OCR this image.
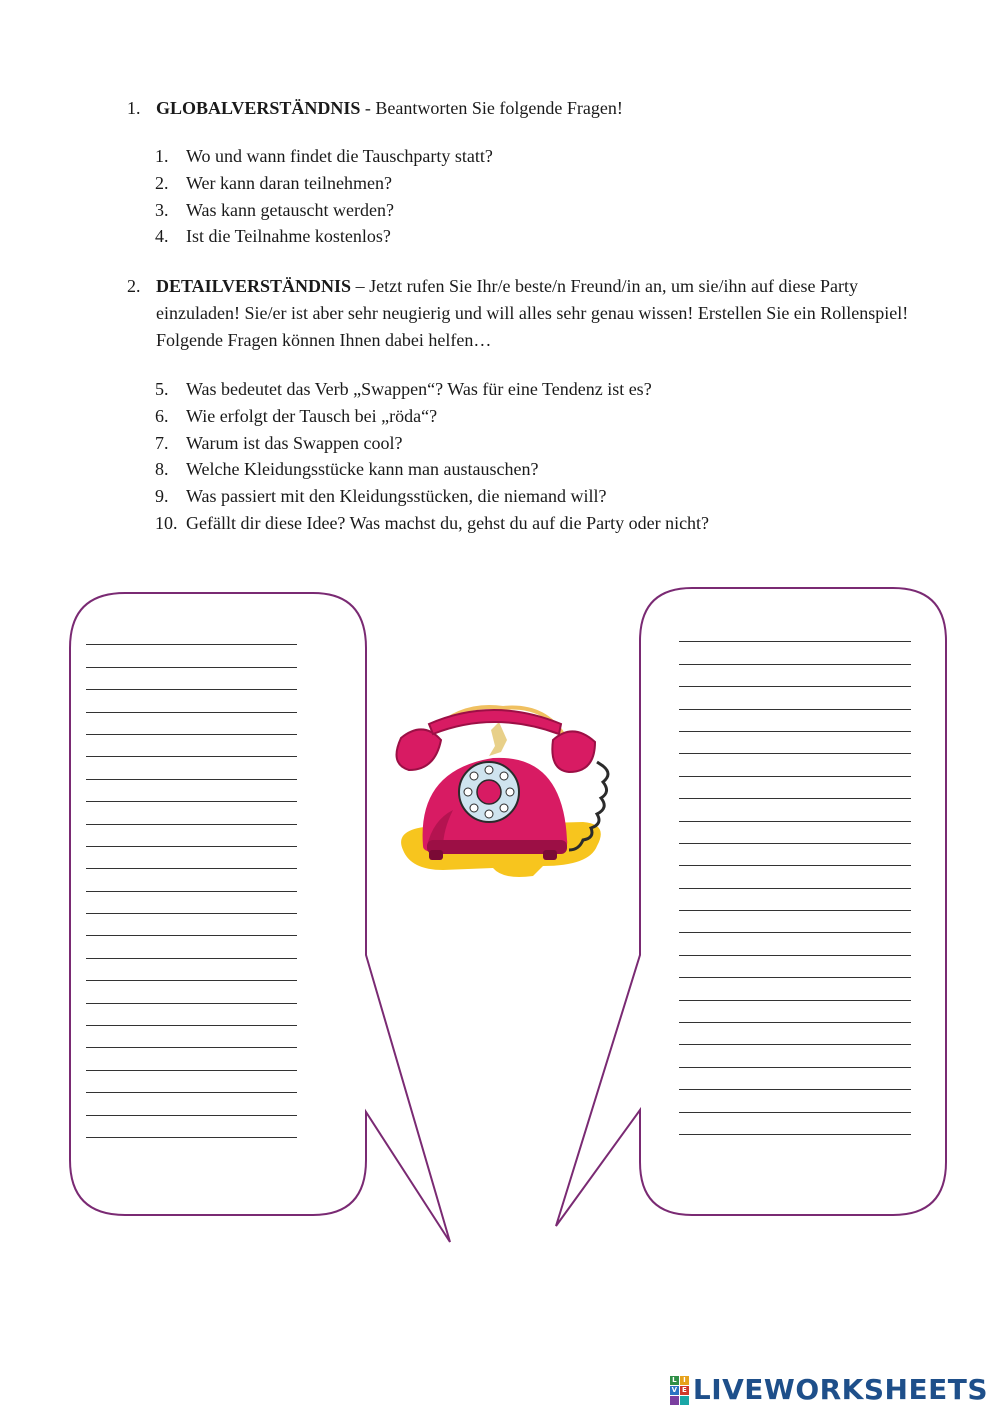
1. GLOBALVERSTÄNDNIS - Beantworten Sie folgende Fragen!
1. Wo und wann findet die Tauschparty statt?
2. Wer kann daran teilnehmen?
3. Was kann getauscht werden?
4. Ist die Teilnahme kostenlos?
2. DETAILVERSTÄNDNIS – Jetzt rufen Sie Ihr/e beste/n Freund/in an, um sie/ihn auf diese Party einzuladen! Sie/er ist aber sehr neugierig und will alles sehr genau wissen! Erstellen Sie ein Rollenspiel! Folgende Fragen können Ihnen dabei helfen…
5. Was bedeutet das Verb „Swappen“? Was für eine Tendenz ist es?
6. Wie erfolgt der Tausch bei „röda“?
7. Warum ist das Swappen cool?
8. Welche Kleidungsstücke kann man austauschen?
9. Was passiert mit den Kleidungsstücken, die niemand will?
10. Gefällt dir diese Idee? Was machst du, gehst du auf die Party oder nicht?
L I
V E LIVEWORKSHEETS
